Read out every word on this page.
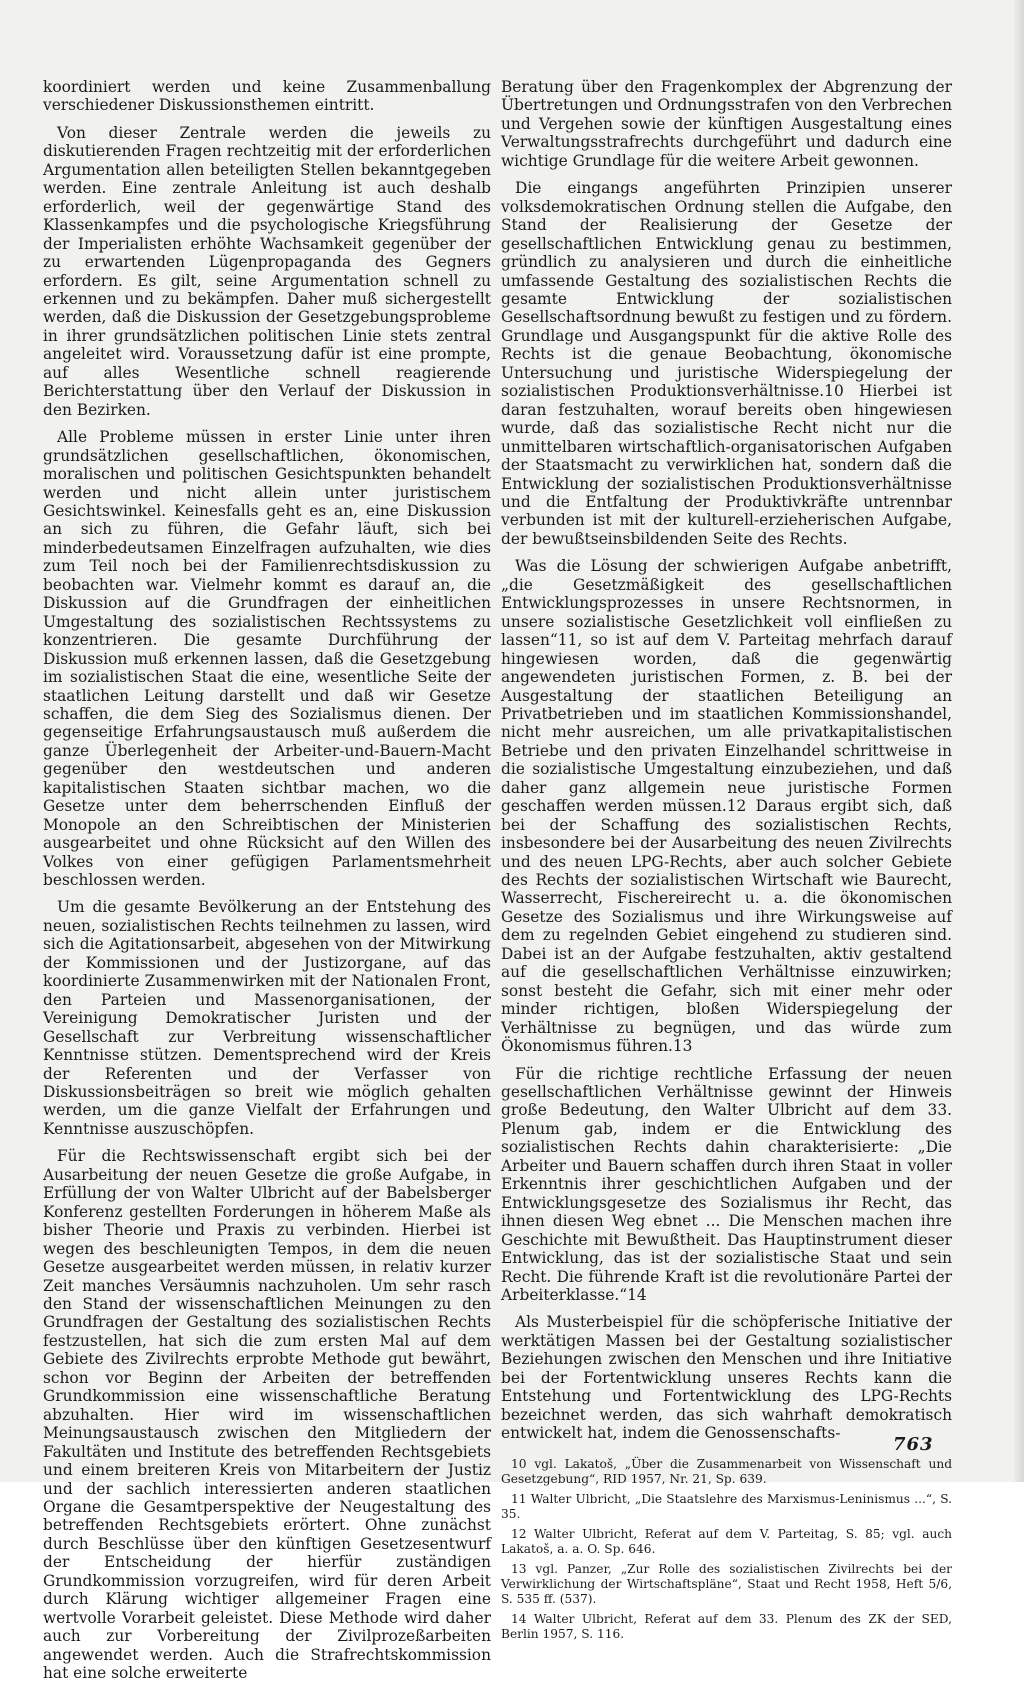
koordiniert werden und keine Zusammenballung verschiedener Diskussionsthemen eintritt.

Von dieser Zentrale werden die jeweils zu diskutierenden Fragen rechtzeitig mit der erforderlichen Argumentation allen beteiligten Stellen bekanntgegeben werden. Eine zentrale Anleitung ist auch deshalb erforderlich, weil der gegenwärtige Stand des Klassenkampfes und die psychologische Kriegsführung der Imperialisten erhöhte Wachsamkeit gegenüber der zu erwartenden Lügenpropaganda des Gegners erfordern. Es gilt, seine Argumentation schnell zu erkennen und zu bekämpfen. Daher muß sichergestellt werden, daß die Diskussion der Gesetzgebungsprobleme in ihrer grundsätzlichen politischen Linie stets zentral angeleitet wird. Voraussetzung dafür ist eine prompte, auf alles Wesentliche schnell reagierende Berichterstattung über den Verlauf der Diskussion in den Bezirken.

Alle Probleme müssen in erster Linie unter ihren grundsätzlichen gesellschaftlichen, ökonomischen, moralischen und politischen Gesichtspunkten behandelt werden und nicht allein unter juristischem Gesichtswinkel. Keinesfalls geht es an, eine Diskussion an sich zu führen, die Gefahr läuft, sich bei minderbedeutsamen Einzelfragen aufzuhalten, wie dies zum Teil noch bei der Familienrechtsdiskussion zu beobachten war. Vielmehr kommt es darauf an, die Diskussion auf die Grundfragen der einheitlichen Umgestaltung des sozialistischen Rechtssystems zu konzentrieren. Die gesamte Durchführung der Diskussion muß erkennen lassen, daß die Gesetzgebung im sozialistischen Staat die eine, wesentliche Seite der staatlichen Leitung darstellt und daß wir Gesetze schaffen, die dem Sieg des Sozialismus dienen. Der gegenseitige Erfahrungsaustausch muß außerdem die ganze Überlegenheit der Arbeiter-und-Bauern-Macht gegenüber den westdeutschen und anderen kapitalistischen Staaten sichtbar machen, wo die Gesetze unter dem beherrschenden Einfluß der Monopole an den Schreibtischen der Ministerien ausgearbeitet und ohne Rücksicht auf den Willen des Volkes von einer gefügigen Parlamentsmehrheit beschlossen werden.

Um die gesamte Bevölkerung an der Entstehung des neuen, sozialistischen Rechts teilnehmen zu lassen, wird sich die Agitationsarbeit, abgesehen von der Mitwirkung der Kommissionen und der Justizorgane, auf das koordinierte Zusammenwirken mit der Nationalen Front, den Parteien und Massenorganisationen, der Vereinigung Demokratischer Juristen und der Gesellschaft zur Verbreitung wissenschaftlicher Kenntnisse stützen. Dementsprechend wird der Kreis der Referenten und der Verfasser von Diskussionsbeiträgen so breit wie möglich gehalten werden, um die ganze Vielfalt der Erfahrungen und Kenntnisse auszuschöpfen.

Für die Rechtswissenschaft ergibt sich bei der Ausarbeitung der neuen Gesetze die große Aufgabe, in Erfüllung der von Walter Ulbricht auf der Babelsberger Konferenz gestellten Forderungen in höherem Maße als bisher Theorie und Praxis zu verbinden. Hierbei ist wegen des beschleunigten Tempos, in dem die neuen Gesetze ausgearbeitet werden müssen, in relativ kurzer Zeit manches Versäumnis nachzuholen. Um sehr rasch den Stand der wissenschaftlichen Meinungen zu den Grundfragen der Gestaltung des sozialistischen Rechts festzustellen, hat sich die zum ersten Mal auf dem Gebiete des Zivilrechts erprobte Methode gut bewährt, schon vor Beginn der Arbeiten der betreffenden Grundkommission eine wissenschaftliche Beratung abzuhalten. Hier wird im wissenschaftlichen Meinungsaustausch zwischen den Mitgliedern der Fakultäten und Institute des betreffenden Rechtsgebiets und einem breiteren Kreis von Mitarbeitern der Justiz und der sachlich interessierten anderen staatlichen Organe die Gesamtperspektive der Neugestaltung des betreffenden Rechtsgebiets erörtert. Ohne zunächst durch Beschlüsse über den künftigen Gesetzesentwurf der Entscheidung der hierfür zuständigen Grundkommission vorzugreifen, wird für deren Arbeit durch Klärung wichtiger allgemeiner Fragen eine wertvolle Vorarbeit geleistet. Diese Methode wird daher auch zur Vorbereitung der Zivilprozeßarbeiten angewendet werden. Auch die Strafrechtskommission hat eine solche erweiterte

Beratung über den Fragenkomplex der Abgrenzung der Übertretungen und Ordnungsstrafen von den Verbrechen und Vergehen sowie der künftigen Ausgestaltung eines Verwaltungsstrafrechts durchgeführt und dadurch eine wichtige Grundlage für die weitere Arbeit gewonnen.

Die eingangs angeführten Prinzipien unserer volksdemokratischen Ordnung stellen die Aufgabe, den Stand der Realisierung der Gesetze der gesellschaftlichen Entwicklung genau zu bestimmen, gründlich zu analysieren und durch die einheitliche umfassende Gestaltung des sozialistischen Rechts die gesamte Entwicklung der sozialistischen Gesellschaftsordnung bewußt zu festigen und zu fördern. Grundlage und Ausgangspunkt für die aktive Rolle des Rechts ist die genaue Beobachtung, ökonomische Untersuchung und juristische Widerspiegelung der sozialistischen Produktionsverhältnisse.10 Hierbei ist daran festzuhalten, worauf bereits oben hingewiesen wurde, daß das sozialistische Recht nicht nur die unmittelbaren wirtschaftlich-organisatorischen Aufgaben der Staatsmacht zu verwirklichen hat, sondern daß die Entwicklung der sozialistischen Produktionsverhältnisse und die Entfaltung der Produktivkräfte untrennbar verbunden ist mit der kulturell-erzieherischen Aufgabe, der bewußtseinsbildenden Seite des Rechts.

Was die Lösung der schwierigen Aufgabe anbetrifft, „die Gesetzmäßigkeit des gesellschaftlichen Entwicklungsprozesses in unsere Rechtsnormen, in unsere sozialistische Gesetzlichkeit voll einfließen zu lassen“11, so ist auf dem V. Parteitag mehrfach darauf hingewiesen worden, daß die gegenwärtig angewendeten juristischen Formen, z. B. bei der Ausgestaltung der staatlichen Beteiligung an Privatbetrieben und im staatlichen Kommissionshandel, nicht mehr ausreichen, um alle privatkapitalistischen Betriebe und den privaten Einzelhandel schrittweise in die sozialistische Umgestaltung einzubeziehen, und daß daher ganz allgemein neue juristische Formen geschaffen werden müssen.12 Daraus ergibt sich, daß bei der Schaffung des sozialistischen Rechts, insbesondere bei der Ausarbeitung des neuen Zivilrechts und des neuen LPG-Rechts, aber auch solcher Gebiete des Rechts der sozialistischen Wirtschaft wie Baurecht, Wasserrecht, Fischereirecht u. a. die ökonomischen Gesetze des Sozialismus und ihre Wirkungsweise auf dem zu regelnden Gebiet eingehend zu studieren sind. Dabei ist an der Aufgabe festzuhalten, aktiv gestaltend auf die gesellschaftlichen Verhältnisse einzuwirken; sonst besteht die Gefahr, sich mit einer mehr oder minder richtigen, bloßen Widerspiegelung der Verhältnisse zu begnügen, und das würde zum Ökonomismus führen.13

Für die richtige rechtliche Erfassung der neuen gesellschaftlichen Verhältnisse gewinnt der Hinweis große Bedeutung, den Walter Ulbricht auf dem 33. Plenum gab, indem er die Entwicklung des sozialistischen Rechts dahin charakterisierte: „Die Arbeiter und Bauern schaffen durch ihren Staat in voller Erkenntnis ihrer geschichtlichen Aufgaben und der Entwicklungsgesetze des Sozialismus ihr Recht, das ihnen diesen Weg ebnet ... Die Menschen machen ihre Geschichte mit Bewußtheit. Das Hauptinstrument dieser Entwicklung, das ist der sozialistische Staat und sein Recht. Die führende Kraft ist die revolutionäre Partei der Arbeiterklasse.“14

Als Musterbeispiel für die schöpferische Initiative der werktätigen Massen bei der Gestaltung sozialistischer Beziehungen zwischen den Menschen und ihre Initiative bei der Fortentwicklung unseres Rechts kann die Entstehung und Fortentwicklung des LPG-Rechts bezeichnet werden, das sich wahrhaft demokratisch entwickelt hat, indem die Genossenschafts-

10 vgl. Lakatoš, „Über die Zusammenarbeit von Wissenschaft und Gesetzgebung“, RID 1957, Nr. 21, Sp. 639.

11 Walter Ulbricht, „Die Staatslehre des Marxismus-Leninismus ...“, S. 35.

12 Walter Ulbricht, Referat auf dem V. Parteitag, S. 85; vgl. auch Lakatoš, a. a. O. Sp. 646.

13 vgl. Panzer, „Zur Rolle des sozialistischen Zivilrechts bei der Verwirklichung der Wirtschaftspläne“, Staat und Recht 1958, Heft 5/6, S. 535 ff. (537).

14 Walter Ulbricht, Referat auf dem 33. Plenum des ZK der SED, Berlin 1957, S. 116.

763
